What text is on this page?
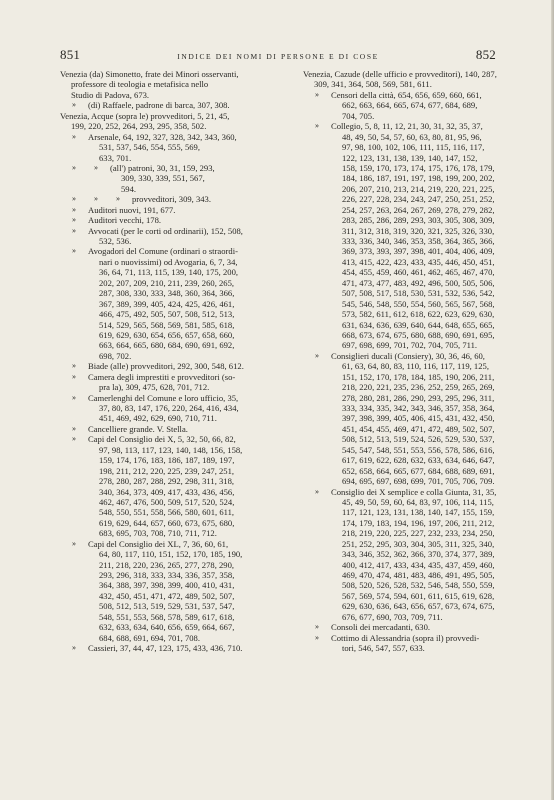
851	INDICE DEI NOMI DI PERSONE E DI COSE	852
Venezia (da) Simonetto, frate dei Minori osservanti,
professore di teologia e metafisica nello
Studio di Padova, 673.
»	(di) Raffaele, padrone di barca, 307, 308.
Venezia, Acque (sopra le) provveditori, 5, 21, 45,
199, 220, 252, 264, 293, 295, 358, 502.
»	Arsenale, 64, 192, 327, 328, 342, 343, 360,
531, 537, 546, 554, 555, 569,
633, 701.
» »	(all') patroni, 30, 31, 159, 293,
309, 330, 339, 551, 567,
594.
» » »	provveditori, 309, 343.
»	Auditori nuovi, 191, 677.
»	Auditori vecchi, 178.
»	Avvocati (per le corti od ordinarii), 152, 508,
532, 536.
»	Avogadori del Comune (ordinari o straordi-
nari o nuovissimi) od Avogaria, 6, 7, 34,
36, 64, 71, 113, 115, 139, 140, 175, 200,
202, 207, 209, 210, 211, 239, 260, 265,
287, 308, 330, 333, 348, 360, 364, 366,
367, 389, 399, 405, 424, 425, 426, 461,
466, 475, 492, 505, 507, 508, 512, 513,
514, 529, 565, 568, 569, 581, 585, 618,
619, 629, 630, 654, 656, 657, 658, 660,
663, 664, 665, 680, 684, 690, 691, 692,
698, 702.
»	Biade (alle) provveditori, 292, 300, 548, 612.
»	Camera degli imprestiti e provveditori (so-
pra la), 309, 475, 628, 701, 712.
»	Camerlenghi del Comune e loro ufficio, 35,
37, 80, 83, 147, 176, 220, 264, 416, 434,
451, 469, 492, 629, 690, 710, 711.
»	Cancelliere grande. V. Stella.
»	Capi del Consiglio dei X, 5, 32, 50, 66, 82,
97, 98, 113, 117, 123, 140, 148, 156, 158,
159, 174, 176, 183, 186, 187, 189, 197,
198, 211, 212, 220, 225, 239, 247, 251,
278, 280, 287, 288, 292, 298, 311, 318,
340, 364, 373, 409, 417, 433, 436, 456,
462, 467, 476, 500, 509, 517, 520, 524,
548, 550, 551, 558, 566, 580, 601, 611,
619, 629, 644, 657, 660, 673, 675, 680,
683, 695, 703, 708, 710, 711, 712.
»	Capi del Consiglio dei XL, 7, 36, 60, 61,
64, 80, 117, 110, 151, 152, 170, 185, 190,
211, 218, 220, 236, 265, 277, 278, 290,
293, 296, 318, 333, 334, 336, 357, 358,
364, 388, 397, 398, 399, 400, 410, 431,
432, 450, 451, 471, 472, 489, 502, 507,
508, 512, 513, 519, 529, 531, 537, 547,
548, 551, 553, 568, 578, 589, 617, 618,
632, 633, 634, 640, 656, 659, 664, 667,
684, 688, 691, 694, 701, 708.
»	Cassieri, 37, 44, 47, 123, 175, 433, 436, 710.
Venezia, Cazude (delle ufficio e provveditori), 140, 287,
309, 341, 364, 508, 569, 581, 611.
»	Censori della città, 654, 656, 659, 660, 661,
662, 663, 664, 665, 674, 677, 684, 689,
704, 705.
»	Collegio, 5, 8, 11, 12, 21, 30, 31, 32, 35, 37,
48, 49, 50, 54, 57, 60, 63, 80, 81, 95, 96,
97, 98, 100, 102, 106, 111, 115, 116, 117,
122, 123, 131, 138, 139, 140, 147, 152,
158, 159, 170, 173, 174, 175, 176, 178, 179,
184, 186, 187, 191, 197, 198, 199, 200, 202,
206, 207, 210, 213, 214, 219, 220, 221, 225,
226, 227, 228, 234, 243, 247, 250, 251, 252,
254, 257, 263, 264, 267, 269, 278, 279, 282,
283, 285, 286, 289, 293, 303, 305, 308, 309,
311, 312, 318, 319, 320, 321, 325, 326, 330,
333, 336, 340, 346, 353, 358, 364, 365, 366,
369, 373, 393, 397, 398, 401, 404, 406, 409,
413, 415, 422, 423, 433, 435, 446, 450, 451,
454, 455, 459, 460, 461, 462, 465, 467, 470,
471, 473, 477, 483, 492, 496, 500, 505, 506,
507, 508, 517, 518, 530, 531, 532, 536, 542,
545, 546, 548, 550, 554, 560, 565, 567, 568,
573, 582, 611, 612, 618, 622, 623, 629, 630,
631, 634, 636, 639, 640, 644, 648, 655, 665,
668, 673, 674, 675, 680, 688, 690, 691, 695,
697, 698, 699, 701, 702, 704, 705, 711.
»	Consiglieri ducali (Consiery), 30, 36, 46, 60,
61, 63, 64, 80, 83, 110, 116, 117, 119, 125,
151, 152, 170, 178, 184, 185, 190, 206, 211,
218, 220, 221, 235, 236, 252, 259, 265, 269,
278, 280, 281, 286, 290, 293, 295, 296, 311,
333, 334, 335, 342, 343, 346, 357, 358, 364,
397, 398, 399, 405, 406, 415, 431, 432, 450,
451, 454, 455, 469, 471, 472, 489, 502, 507,
508, 512, 513, 519, 524, 526, 529, 530, 537,
545, 547, 548, 551, 553, 556, 578, 586, 616,
617, 619, 622, 628, 632, 633, 634, 646, 647,
652, 658, 664, 665, 677, 684, 688, 689, 691,
694, 695, 697, 698, 699, 701, 705, 706, 709.
»	Consiglio dei X semplice e colla Giunta, 31, 35,
45, 49, 50, 59, 60, 64, 83, 97, 106, 114, 115,
117, 121, 123, 131, 138, 140, 147, 155, 159,
174, 179, 183, 194, 196, 197, 206, 211, 212,
218, 219, 220, 225, 227, 232, 233, 234, 250,
251, 252, 295, 303, 304, 305, 311, 325, 340,
343, 346, 352, 362, 366, 370, 374, 377, 389,
400, 412, 417, 433, 434, 435, 437, 459, 460,
469, 470, 474, 481, 483, 486, 491, 495, 505,
508, 520, 526, 528, 532, 546, 548, 550, 559,
567, 569, 574, 594, 601, 611, 615, 619, 628,
629, 630, 636, 643, 656, 657, 673, 674, 675,
676, 677, 690, 703, 709, 711.
»	Consoli dei mercadanti, 630.
»	Cottimo di Alessandria (sopra il) provvedi-
tori, 546, 547, 557, 633.
